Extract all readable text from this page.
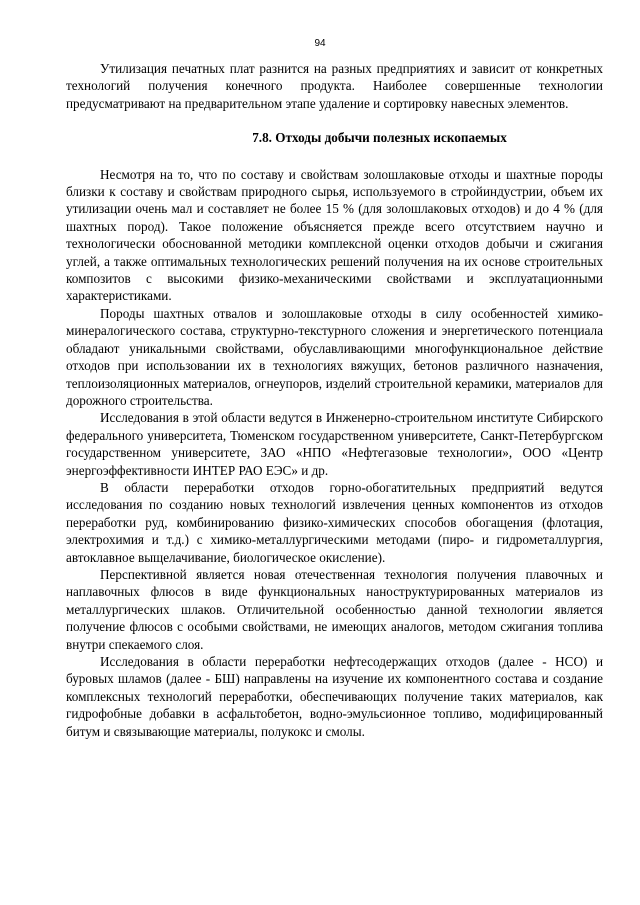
94

Утилизация печатных плат разнится на разных предприятиях и зависит от конкретных технологий получения конечного продукта. Наиболее совершенные технологии предусматривают на предварительном этапе удаление и сортировку навесных элементов.

7.8. Отходы добычи полезных ископаемых

Несмотря на то, что по составу и свойствам золошлаковые отходы и шахтные породы близки к составу и свойствам природного сырья, используемого в стройиндустрии, объем их утилизации очень мал и составляет не более 15 % (для золошлаковых отходов) и до 4 % (для шахтных пород). Такое положение объясняется прежде всего отсутствием научно и технологически обоснованной методики комплексной оценки отходов добычи и сжигания углей, а также оптимальных технологических решений получения на их основе строительных композитов с высокими физико-механическими свойствами и эксплуатационными характеристиками.

Породы шахтных отвалов и золошлаковые отходы в силу особенностей химико-минералогического состава, структурно-текстурного сложения и энергетического потенциала обладают уникальными свойствами, обуславливающими многофункциональное действие отходов при использовании их в технологиях вяжущих, бетонов различного назначения, теплоизоляционных материалов, огнеупоров, изделий строительной керамики, материалов для дорожного строительства.

Исследования в этой области ведутся в Инженерно-строительном институте Сибирского федерального университета, Тюменском государственном университете, Санкт-Петербургском государственном университете, ЗАО «НПО «Нефтегазовые технологии», ООО «Центр энергоэффективности ИНТЕР РАО ЕЭС» и др.

В области переработки отходов горно-обогатительных предприятий ведутся исследования по созданию новых технологий извлечения ценных компонентов из отходов переработки руд, комбинированию физико-химических способов обогащения (флотация, электрохимия и т.д.) с химико-металлургическими методами (пиро- и гидрометаллургия, автоклавное выщелачивание, биологическое окисление).

Перспективной является новая отечественная технология получения плавочных и наплавочных флюсов в виде функциональных наноструктурированных материалов из металлургических шлаков. Отличительной особенностью данной технологии является получение флюсов с особыми свойствами, не имеющих аналогов, методом сжигания топлива внутри спекаемого слоя.

Исследования в области переработки нефтесодержащих отходов (далее - НСО) и буровых шламов (далее - БШ) направлены на изучение их компонентного состава и создание комплексных технологий переработки, обеспечивающих получение таких материалов, как гидрофобные добавки в асфальтобетон, водно-эмульсионное топливо, модифицированный битум и связывающие материалы, полукокс и смолы.
